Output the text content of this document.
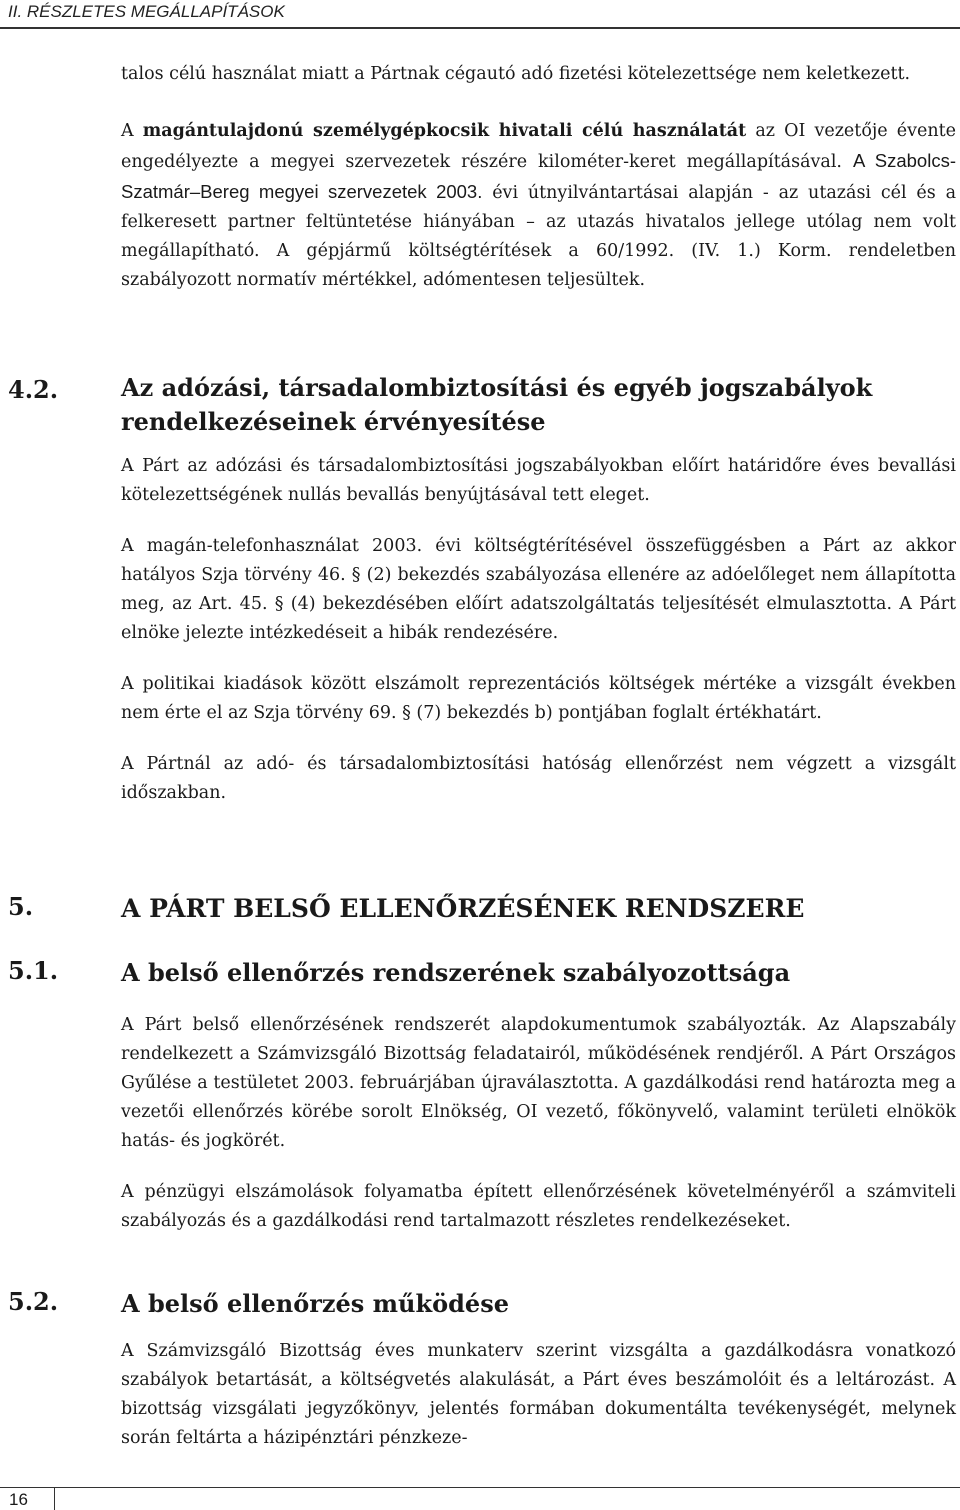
II. RÉSZLETES MEGÁLLAPÍTÁSOK

talos célú használat miatt a Pártnak cégautó adó fizetési kötelezettsége nem keletkezett.

A magántulajdonú személygépkocsik hivatali célú használatát az OI vezetője évente engedélyezte a megyei szervezetek részére kilométer-keret megállapításával. A Szabolcs-Szatmár–Bereg megyei szervezetek 2003. évi útnyilvántartásai alapján - az utazási cél és a felkeresett partner feltüntetése hiányában – az utazás hivatalos jellege utólag nem volt megállapítható. A gépjármű költségtérítések a 60/1992. (IV. 1.) Korm. rendeletben szabályozott normatív mértékkel, adómentesen teljesültek.

4.2.	Az adózási, társadalombiztosítási és egyéb jogszabályok rendelkezéseinek érvényesítése

A Párt az adózási és társadalombiztosítási jogszabályokban előírt határidőre éves bevallási kötelezettségének nullás bevallás benyújtásával tett eleget.

A magán-telefonhasználat 2003. évi költségtérítésével összefüggésben a Párt az akkor hatályos Szja törvény 46. § (2) bekezdés szabályozása ellenére az adóelőleget nem állapította meg, az Art. 45. § (4) bekezdésében előírt adatszolgáltatás teljesítését elmulasztotta. A Párt elnöke jelezte intézkedéseit a hibák rendezésére.

A politikai kiadások között elszámolt reprezentációs költségek mértéke a vizsgált években nem érte el az Szja törvény 69. § (7) bekezdés b) pontjában foglalt értékhatárt.

A Pártnál az adó- és társadalombiztosítási hatóság ellenőrzést nem végzett a vizsgált időszakban.

5.	A PÁRT BELSŐ ELLENŐRZÉSÉNEK RENDSZERE
5.1.	A belső ellenőrzés rendszerének szabályozottsága

A Párt belső ellenőrzésének rendszerét alapdokumentumok szabályozták. Az Alapszabály rendelkezett a Számvizsgáló Bizottság feladatairól, működésének rendjéről. A Párt Országos Gyűlése a testületet 2003. februárjában újraválasztotta. A gazdálkodási rend határozta meg a vezetői ellenőrzés körébe sorolt Elnökség, OI vezető, főkönyvelő, valamint területi elnökök hatás- és jogkörét.

A pénzügyi elszámolások folyamatba épített ellenőrzésének követelményéről a számviteli szabályozás és a gazdálkodási rend tartalmazott részletes rendelkezéseket.

5.2.	A belső ellenőrzés működése

A Számvizsgáló Bizottság éves munkaterv szerint vizsgálta a gazdálkodásra vonatkozó szabályok betartását, a költségvetés alakulását, a Párt éves beszámolóit és a leltározást. A bizottság vizsgálati jegyzőkönyv, jelentés formában dokumentálta tevékenységét, melynek során feltárta a házipénztári pénzkeze-

16
